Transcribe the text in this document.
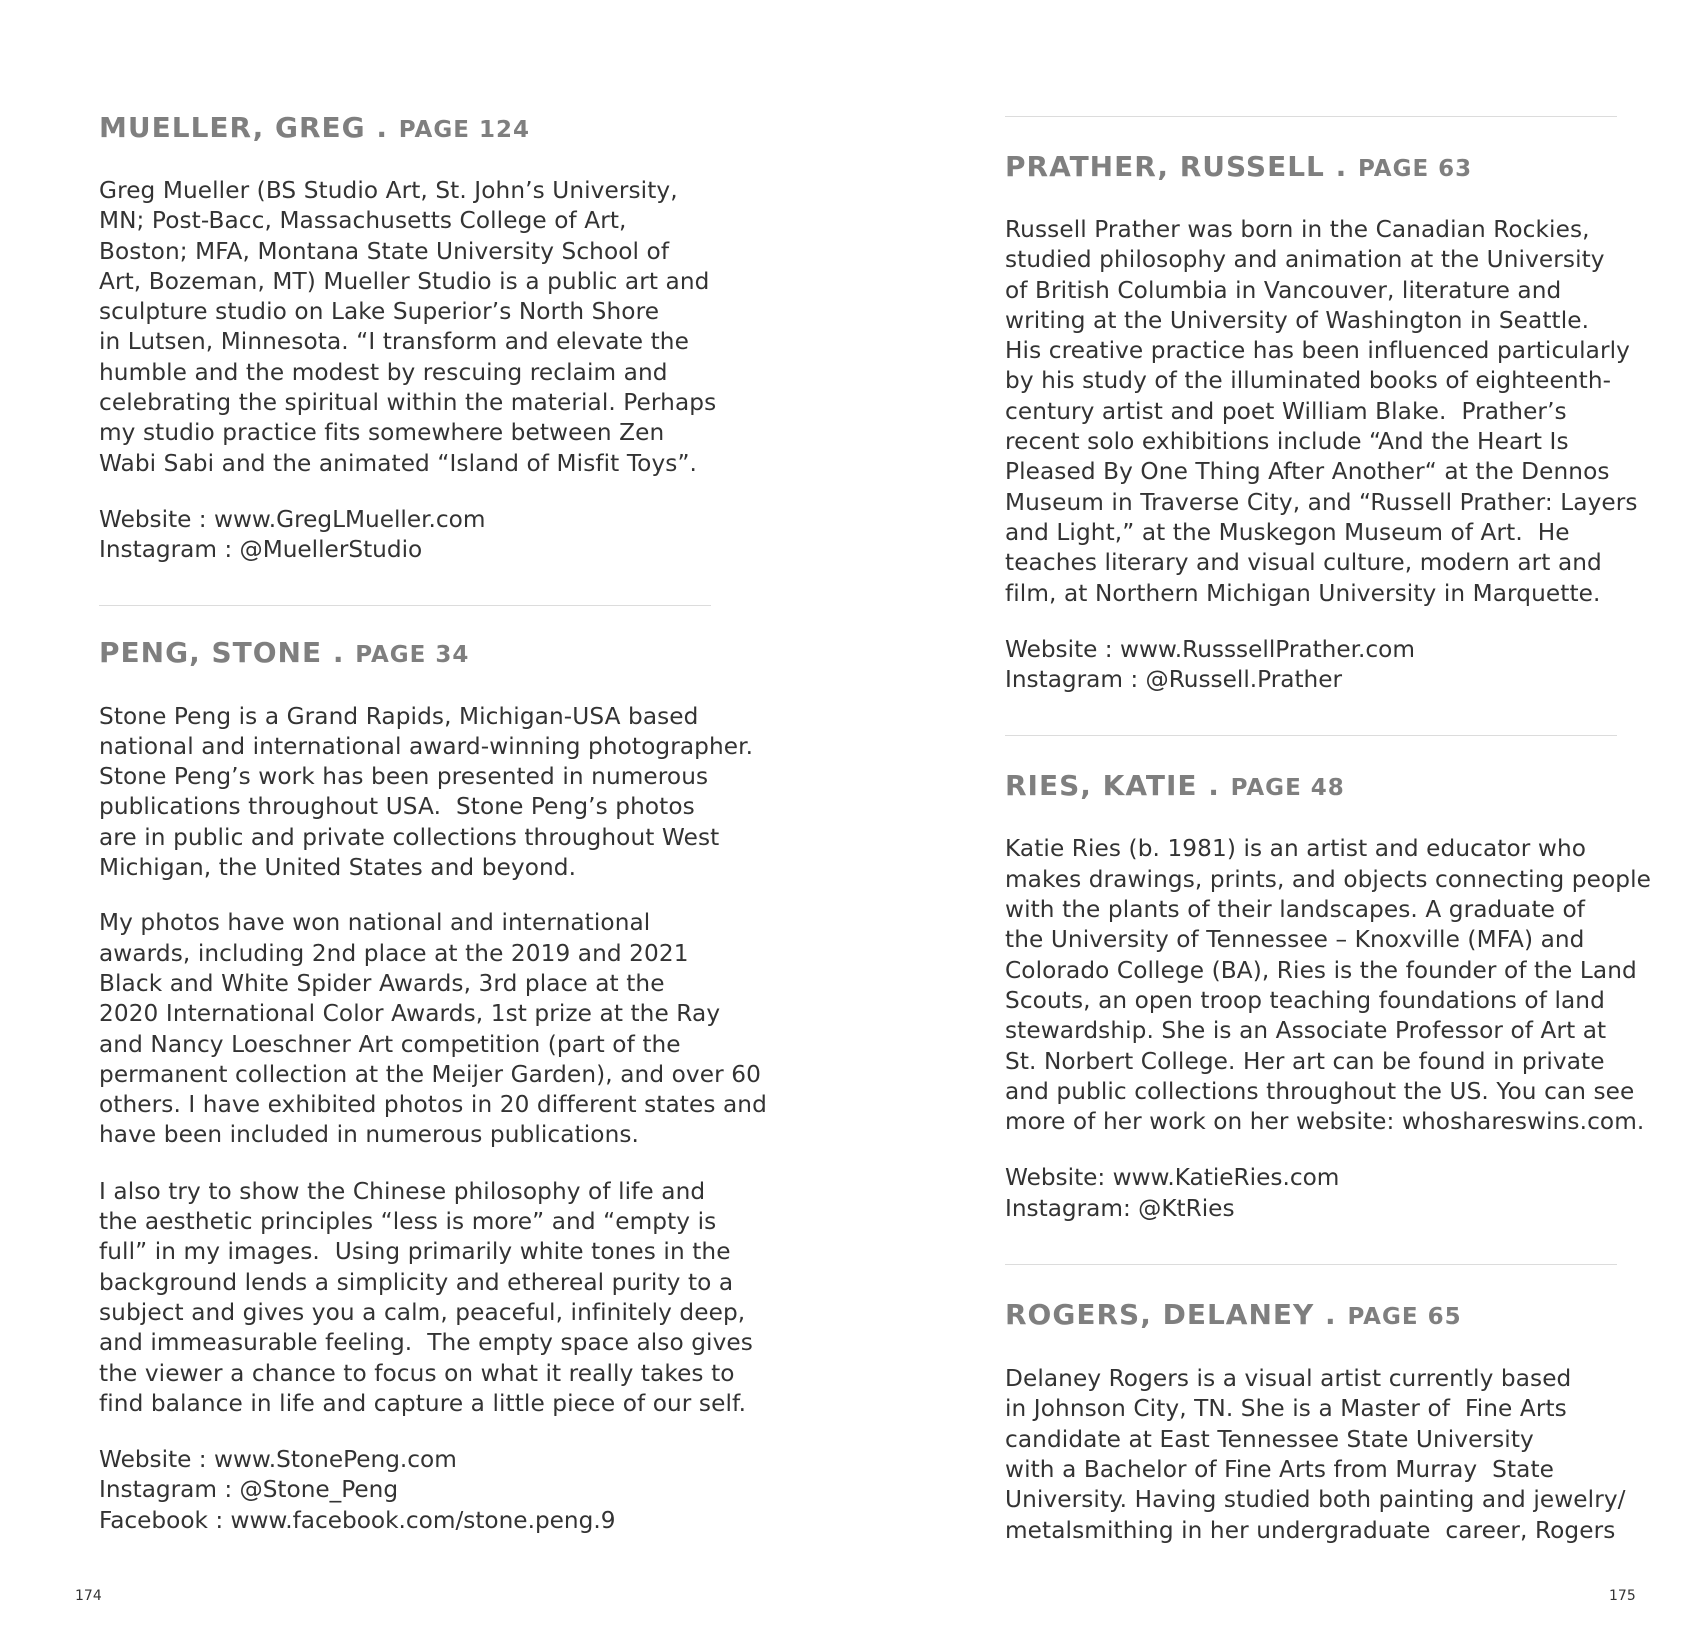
MUELLER, GREG . PAGE 124

Greg Mueller (BS Studio Art, St. John’s University,
MN; Post-Bacc, Massachusetts College of Art,
Boston; MFA, Montana State University School of
Art, Bozeman, MT) Mueller Studio is a public art and
sculpture studio on Lake Superior’s North Shore
in Lutsen, Minnesota. “I transform and elevate the
humble and the modest by rescuing reclaim and
celebrating the spiritual within the material. Perhaps
my studio practice fits somewhere between Zen
Wabi Sabi and the animated “Island of Misfit Toys”.

Website : www.GregLMueller.com
Instagram : @MuellerStudio
PENG, STONE . PAGE 34

Stone Peng is a Grand Rapids, Michigan-USA based
national and international award-winning photographer.
Stone Peng’s work has been presented in numerous
publications throughout USA.  Stone Peng’s photos
are in public and private collections throughout West
Michigan, the United States and beyond.

My photos have won national and international
awards, including 2nd place at the 2019 and 2021
Black and White Spider Awards, 3rd place at the
2020 International Color Awards, 1st prize at the Ray
and Nancy Loeschner Art competition (part of the
permanent collection at the Meijer Garden), and over 60
others. I have exhibited photos in 20 different states and
have been included in numerous publications.

I also try to show the Chinese philosophy of life and
the aesthetic principles “less is more” and “empty is
full” in my images.  Using primarily white tones in the
background lends a simplicity and ethereal purity to a
subject and gives you a calm, peaceful, infinitely deep,
and immeasurable feeling.  The empty space also gives
the viewer a chance to focus on what it really takes to
find balance in life and capture a little piece of our self.

Website : www.StonePeng.com
Instagram : @Stone_Peng
Facebook : www.facebook.com/stone.peng.9
PRATHER, RUSSELL . PAGE 63

Russell Prather was born in the Canadian Rockies,
studied philosophy and animation at the University
of British Columbia in Vancouver, literature and
writing at the University of Washington in Seattle.
His creative practice has been influenced particularly
by his study of the illuminated books of eighteenth-
century artist and poet William Blake.  Prather’s
recent solo exhibitions include “And the Heart Is
Pleased By One Thing After Another“ at the Dennos
Museum in Traverse City, and “Russell Prather: Layers
and Light,” at the Muskegon Museum of Art.  He
teaches literary and visual culture, modern art and
film, at Northern Michigan University in Marquette.

Website : www.RusssellPrather.com
Instagram : @Russell.Prather
RIES, KATIE . PAGE 48

Katie Ries (b. 1981) is an artist and educator who
makes drawings, prints, and objects connecting people
with the plants of their landscapes. A graduate of
the University of Tennessee – Knoxville (MFA) and
Colorado College (BA), Ries is the founder of the Land
Scouts, an open troop teaching foundations of land
stewardship. She is an Associate Professor of Art at
St. Norbert College. Her art can be found in private
and public collections throughout the US. You can see
more of her work on her website: whoshareswins.com.

Website: www.KatieRies.com
Instagram: @KtRies
ROGERS, DELANEY . PAGE 65

Delaney Rogers is a visual artist currently based
in Johnson City, TN. She is a Master of  Fine Arts
candidate at East Tennessee State University
with a Bachelor of Fine Arts from Murray  State
University. Having studied both painting and jewelry/
metalsmithing in her undergraduate  career, Rogers

174	175
